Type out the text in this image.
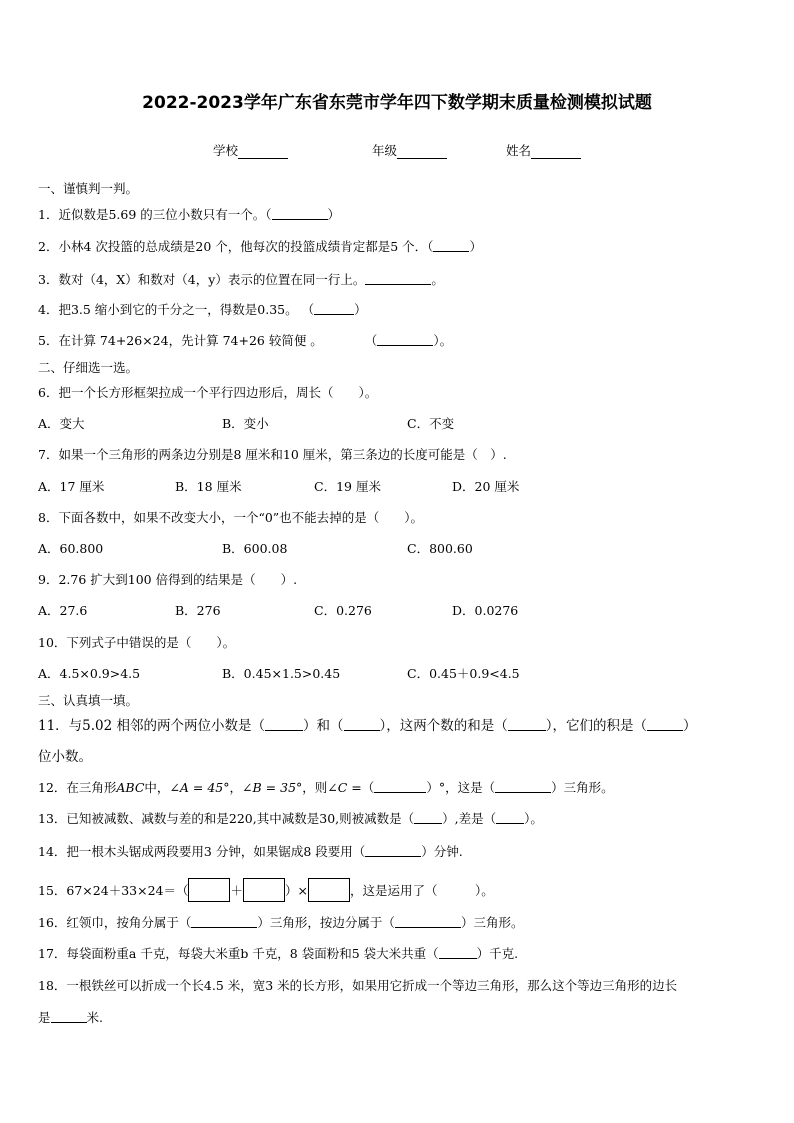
2022-2023学年广东省东莞市学年四下数学期末质量检测模拟试题
学校	年级	姓名
一、谨慎判一判。
1．近似数是5.69 的三位小数只有一个。（	）
2．小林4 次投篮的总成绩是20 个，他每次的投篮成绩肯定都是5 个．（	）
3．数对（4，X）和数对（4，y）表示的位置在同一行上。	。
4．把3.5 缩小到它的千分之一，得数是0.35。 （	）
5．在计算 74+26×24，先计算 74+26 较简便 。	（	）。
二、仔细选一选。
6．把一个长方形框架拉成一个平行四边形后，周长（　　）。
A．变大	B．变小	C．不变
7．如果一个三角形的两条边分别是8 厘米和10 厘米，第三条边的长度可能是（　）.
A．17 厘米	B．18 厘米	C．19 厘米	D．20 厘米
8．下面各数中，如果不改变大小，一个“0”也不能去掉的是（　　）。
A．60.800	B．600.08	C．800.60
9．2.76 扩大到100 倍得到的结果是（　　）.
A．27.6	B．276	C．0.276	D．0.0276
10．下列式子中错误的是（　　）。
A．4.5×0.9>4.5	B．0.45×1.5>0.45	C．0.45＋0.9<4.5
三、认真填一填。
11．与5.02 相邻的两个两位小数是（	）和（	），这两个数的和是（	），它们的积是（	）
位小数。
12．在三角形ABC中，∠A = 45°，∠B = 35°，则∠C =（	）°，这是（	）三角形。
13．已知被减数、减数与差的和是220,其中减数是30,则被减数是（ ）,差是（ ）。
14．把一根木头锯成两段要用3 分钟，如果锯成8 段要用（	）分钟.
15．67×24＋33×24＝（	＋	）×	，这是运用了（　　　）。
16．红领巾，按角分属于（	）三角形，按边分属于（	）三角形。
17．每袋面粉重a 千克，每袋大米重b 千克，8 袋面粉和5 袋大米共重（	）千克.
18．一根铁丝可以折成一个长4.5 米，宽3 米的长方形，如果用它折成一个等边三角形，那么这个等边三角形的边长
是	米.
